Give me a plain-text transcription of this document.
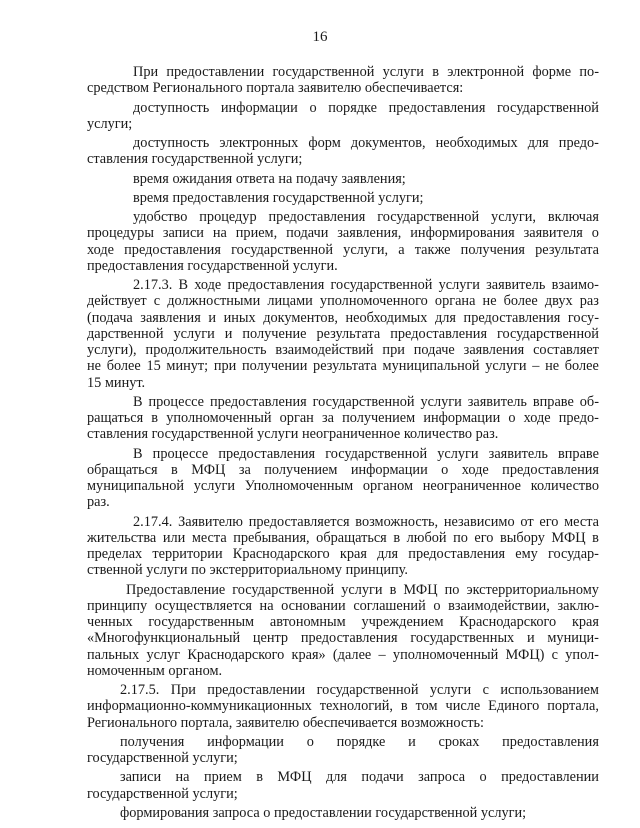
16
При предоставлении государственной услуги в электронной форме по-
средством Регионального портала заявителю обеспечивается:
доступность информации о порядке предоставления государственной
услуги;
доступность электронных форм документов, необходимых для предо-
ставления государственной услуги;
время ожидания ответа на подачу заявления;
время предоставления государственной услуги;
удобство процедур предоставления государственной услуги, включая
процедуры записи на прием, подачи заявления, информирования заявителя о
ходе предоставления государственной услуги, а также получения результата
предоставления государственной услуги.
2.17.3. В ходе предоставления государственной услуги заявитель взаимо-
действует с должностными лицами уполномоченного органа не более двух раз
(подача заявления и иных документов, необходимых для предоставления госу-
дарственной услуги и получение результата предоставления государственной
услуги), продолжительность взаимодействий при подаче заявления составляет
не более 15 минут; при получении результата муниципальной услуги – не более
15 минут.
В процессе предоставления государственной услуги заявитель вправе об-
ращаться в уполномоченный орган за получением информации о ходе предо-
ставления государственной услуги неограниченное количество раз.
В процессе предоставления государственной услуги заявитель вправе
обращаться в МФЦ за получением информации о ходе предоставления
муниципальной услуги Уполномоченным органом неограниченное количество
раз.
2.17.4. Заявителю предоставляется возможность, независимо от его места
жительства или места пребывания, обращаться в любой по его выбору МФЦ в
пределах территории Краснодарского края для предоставления ему государ-
ственной услуги по экстерриториальному принципу.
Предоставление государственной услуги в МФЦ по экстерриториальному
принципу осуществляется на основании соглашений о взаимодействии, заклю-
ченных государственным автономным учреждением Краснодарского края
«Многофункциональный центр предоставления государственных и муници-
пальных услуг Краснодарского края» (далее – уполномоченный МФЦ) с упол-
номоченным органом.
2.17.5. При предоставлении государственной услуги с использованием
информационно-коммуникационных технологий, в том числе Единого портала,
Регионального портала, заявителю обеспечивается возможность:
получения информации о порядке и сроках предоставления
государственной услуги;
записи на прием в МФЦ для подачи запроса о предоставлении
государственной услуги;
формирования запроса о предоставлении государственной услуги;
